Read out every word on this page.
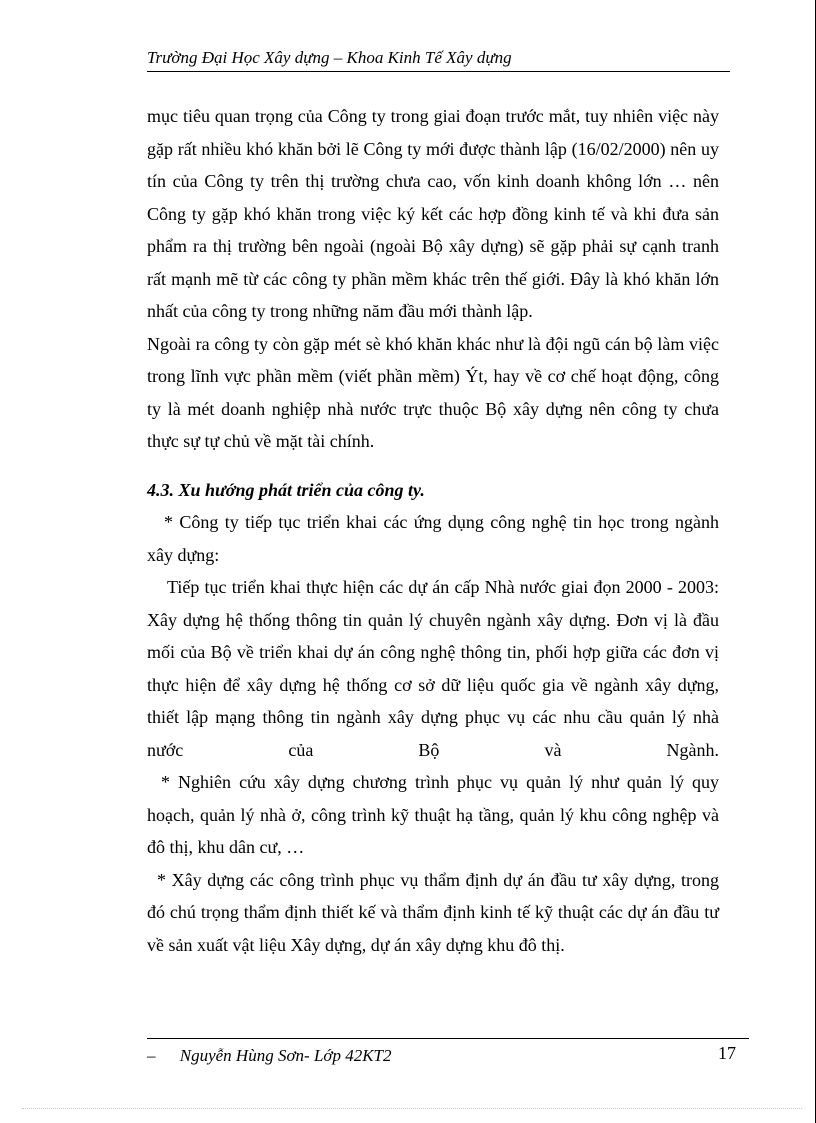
Trường Đại Học Xây dựng – Khoa Kinh Tế Xây dựng

mục tiêu quan trọng của Công ty trong giai đoạn trước mắt, tuy nhiên việc này gặp rất nhiều khó khăn bởi lẽ Công ty mới được thành lập (16/02/2000) nên uy tín của Công ty trên thị trường chưa cao, vốn kinh doanh không lớn … nên Công ty gặp khó khăn trong việc ký kết các hợp đồng kinh tế và khi đưa sản phẩm ra thị trường bên ngoài (ngoài Bộ xây dựng) sẽ gặp phải sự cạnh tranh rất mạnh mẽ từ các công ty phần mềm khác trên thế giới. Đây là khó khăn lớn nhất của công ty trong những năm đầu mới thành lập.

Ngoài ra công ty còn gặp mét sè khó khăn khác như là đội ngũ cán bộ làm việc trong lĩnh vực phần mềm (viết phần mềm) Ýt, hay về cơ chế hoạt động, công ty là mét doanh nghiệp nhà nước trực thuộc Bộ xây dựng nên công ty chưa thực sự tự chủ về mặt tài chính.

4.3. Xu hướng phát triển của công ty.

* Công ty tiếp tục triển khai các ứng dụng công nghệ tin học trong ngành xây dựng:

Tiếp tục triển khai thực hiện các dự án cấp Nhà nước giai đọn 2000 - 2003: Xây dựng hệ thống thông tin quản lý chuyên ngành xây dựng. Đơn vị là đầu mối của Bộ về triển khai dự án công nghệ thông tin, phối hợp giữa các đơn vị thực hiện để xây dựng hệ thống cơ sở dữ liệu quốc gia về ngành xây dựng, thiết lập mạng thông tin ngành xây dựng phục vụ các nhu cầu quản lý nhà nước của Bộ và Ngành.

* Nghiên cứu xây dựng chương trình phục vụ quản lý như quản lý quy hoạch, quản lý nhà ở, công trình kỹ thuật hạ tầng, quản lý khu công nghệp và đô thị, khu dân cư, …

* Xây dựng các công trình phục vụ thẩm định dự án đầu tư xây dựng, trong đó chú trọng thẩm định thiết kế và thẩm định kinh tế kỹ thuật các dự án đầu tư về sản xuất vật liệu Xây dựng, dự án xây dựng khu đô thị.

– Nguyễn Hùng Sơn- Lớp 42KT2	17
